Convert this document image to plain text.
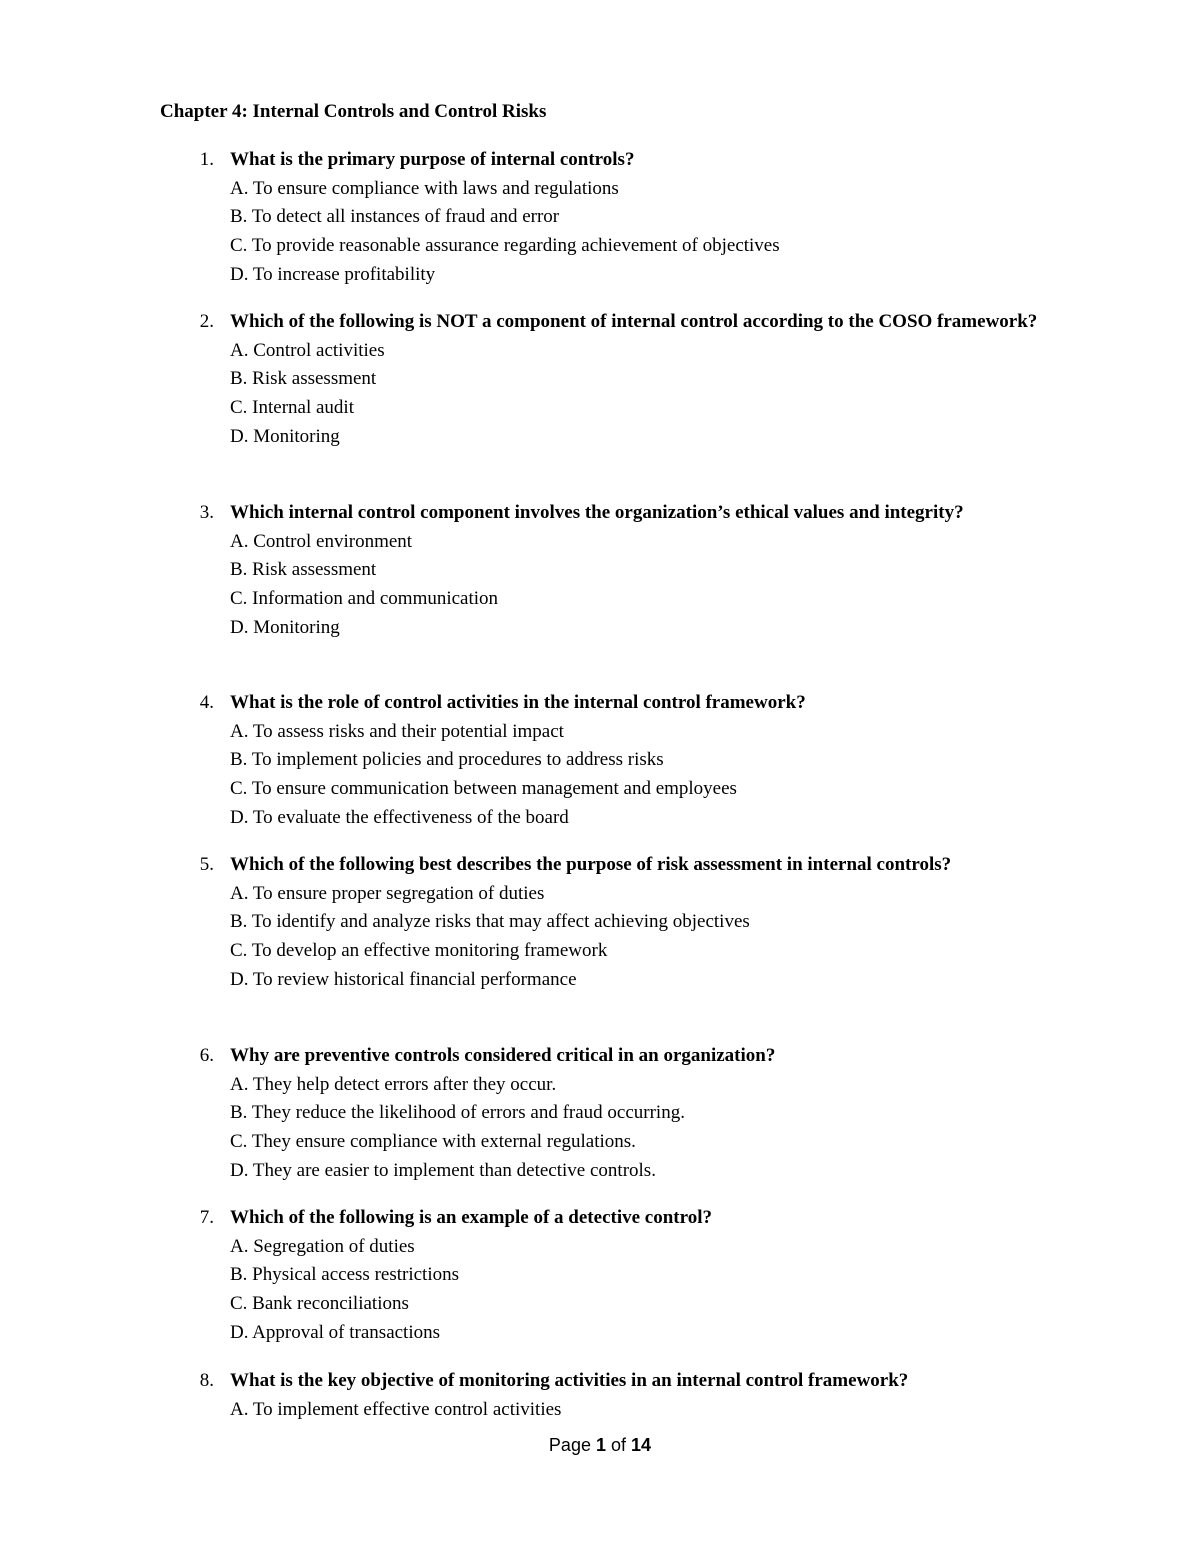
Chapter 4: Internal Controls and Control Risks
1. What is the primary purpose of internal controls?

A. To ensure compliance with laws and regulations
B. To detect all instances of fraud and error
C. To provide reasonable assurance regarding achievement of objectives
D. To increase profitability
2. Which of the following is NOT a component of internal control according to the COSO framework?

A. Control activities
B. Risk assessment
C. Internal audit
D. Monitoring
3. Which internal control component involves the organization’s ethical values and integrity?

A. Control environment
B. Risk assessment
C. Information and communication
D. Monitoring
4. What is the role of control activities in the internal control framework?

A. To assess risks and their potential impact
B. To implement policies and procedures to address risks
C. To ensure communication between management and employees
D. To evaluate the effectiveness of the board
5. Which of the following best describes the purpose of risk assessment in internal controls?

A. To ensure proper segregation of duties
B. To identify and analyze risks that may affect achieving objectives
C. To develop an effective monitoring framework
D. To review historical financial performance
6. Why are preventive controls considered critical in an organization?

A. They help detect errors after they occur.
B. They reduce the likelihood of errors and fraud occurring.
C. They ensure compliance with external regulations.
D. They are easier to implement than detective controls.
7. Which of the following is an example of a detective control?

A. Segregation of duties
B. Physical access restrictions
C. Bank reconciliations
D. Approval of transactions
8. What is the key objective of monitoring activities in an internal control framework?

A. To implement effective control activities
Page 1 of 14
